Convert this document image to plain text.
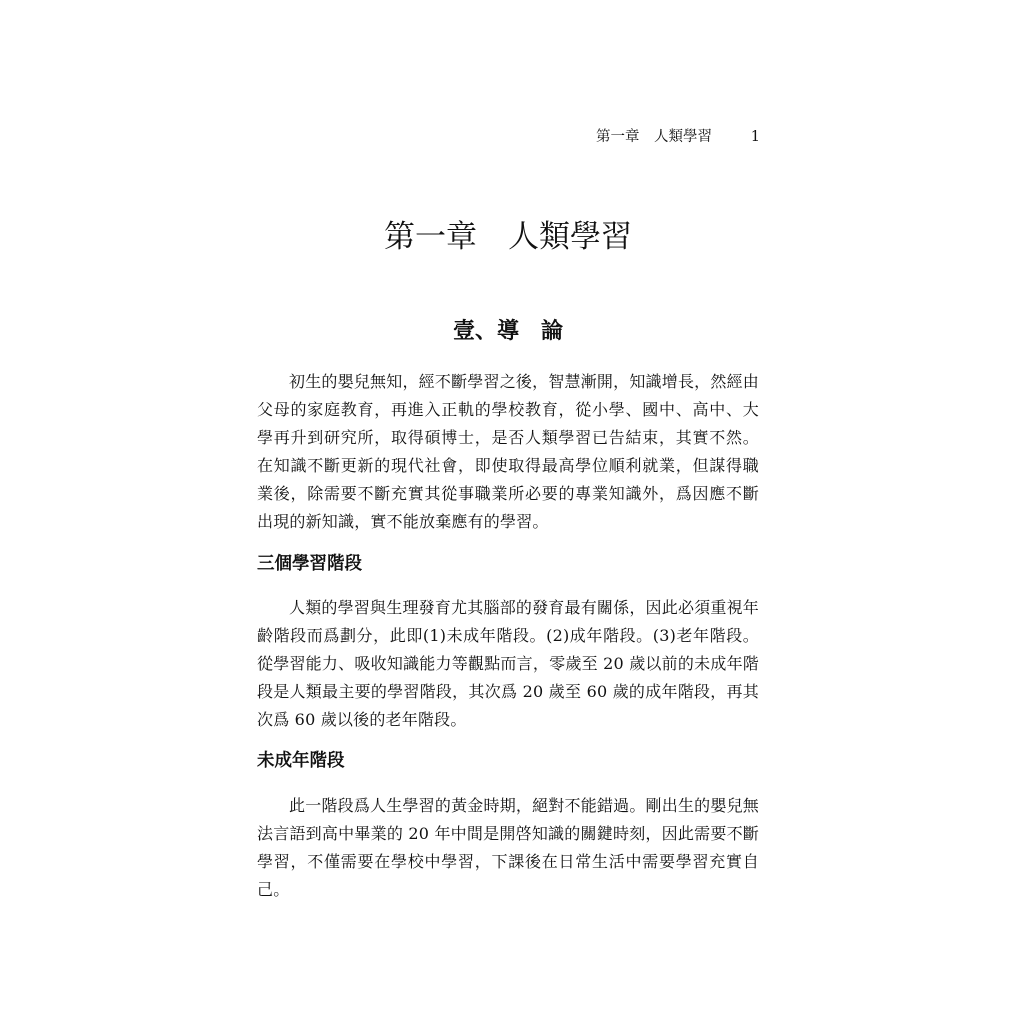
第一章　人類學習	1
第一章　人類學習
壹、導　論

初生的嬰兒無知，經不斷學習之後，智慧漸開，知識增長，然經由父母的家庭教育，再進入正軌的學校教育，從小學、國中、高中、大學再升到研究所，取得碩博士，是否人類學習已告結束，其實不然。在知識不斷更新的現代社會，即使取得最高學位順利就業，但謀得職業後，除需要不斷充實其從事職業所必要的專業知識外，爲因應不斷出現的新知識，實不能放棄應有的學習。

三個學習階段

人類的學習與生理發育尤其腦部的發育最有關係，因此必須重視年齡階段而爲劃分，此即(1)未成年階段。(2)成年階段。(3)老年階段。從學習能力、吸收知識能力等觀點而言，零歲至 20 歲以前的未成年階段是人類最主要的學習階段，其次爲 20 歲至 60 歲的成年階段，再其次爲 60 歲以後的老年階段。

未成年階段

此一階段爲人生學習的黃金時期，絕對不能錯過。剛出生的嬰兒無法言語到高中畢業的 20 年中間是開啓知識的關鍵時刻，因此需要不斷學習，不僅需要在學校中學習，下課後在日常生活中需要學習充實自己。
